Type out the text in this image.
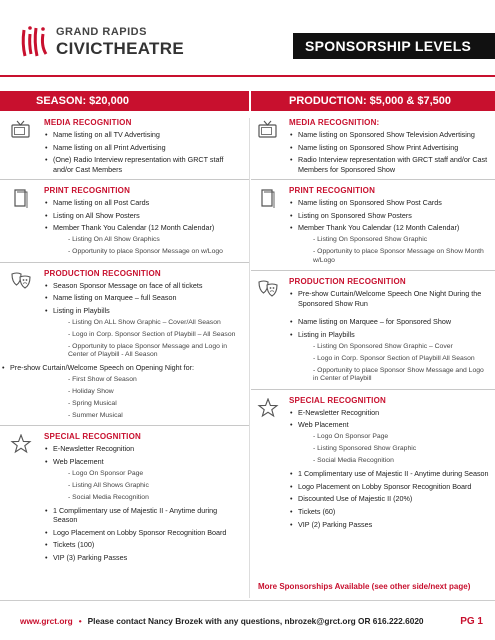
GRAND RAPIDS
CIVICTHEATRE	SPONSORSHIP LEVELS
SEASON: $20,000	PRODUCTION: $5,000 & $7,500
MEDIA RECOGNITION
• Name listing on all TV Advertising
• Name listing on all Print Advertising
• (One) Radio Interview representation with GRCT staff and/or Cast Members
PRINT RECOGNITION
• Name listing on all Post Cards
• Listing on All Show Posters
• Member Thank You Calendar (12 Month Calendar)
- Listing On All Show Graphics
- Opportunity to place Sponsor Message on w/Logo
PRODUCTION RECOGNITION
• Season Sponsor Message on face of all tickets
• Name listing on Marquee – full Season
• Listing in Playbills
- Listing On ALL Show Graphic – Cover/All Season
- Logo in Corp. Sponsor Section of Playbill – All Season
- Opportunity to place Sponsor Message and Logo in Center of Playbill - All Season
• Pre-show Curtain/Welcome Speech on Opening Night for:
- First Show of Season
- Holiday Show
- Spring Musical
- Summer Musical
SPECIAL RECOGNITION
• E-Newsletter Recognition
• Web Placement
- Logo On Sponsor Page
- Listing All Shows Graphic
- Social Media Recognition
• 1 Complimentary use of Majestic II - Anytime during Season
• Logo Placement on Lobby Sponsor Recognition Board
• Tickets (100)
• VIP (3) Parking Passes
MEDIA RECOGNITION:
• Name listing on Sponsored Show Television Advertising
• Name listing on Sponsored Show Print Advertising
• Radio Interview representation with GRCT staff and/or Cast Members for Sponsored Show
PRINT RECOGNITION
• Name listing on Sponsored Show Post Cards
• Listing on Sponsored Show Posters
• Member Thank You Calendar (12 Month Calendar)
- Listing On Sponsored Show Graphic
- Opportunity to place Sponsor Message on Show Month w/Logo
PRODUCTION RECOGNITION
• Pre-show Curtain/Welcome Speech One Night During the Sponsored Show Run
• Name listing on Marquee – for Sponsored Show
• Listing in Playbills
- Listing On Sponsored Show Graphic – Cover
- Logo in Corp. Sponsor Section of Playbill All Season
- Opportunity to place Sponsor Show Message and Logo in Center of Playbill
SPECIAL RECOGNITION
• E-Newsletter Recognition
• Web Placement
- Logo On Sponsor Page
- Listing Sponsored Show Graphic
- Social Media Recognition
• 1 Complimentary use of Majestic II - Anytime during Season
• Logo Placement on Lobby Sponsor Recognition Board
• Discounted Use of Majestic II (20%)
• Tickets (60)
• VIP (2) Parking Passes
More Sponsorships Available (see other side/next page)
www.grct.org • Please contact Nancy Brozek with any questions, nbrozek@grct.org OR 616.222.6020	PG 1
